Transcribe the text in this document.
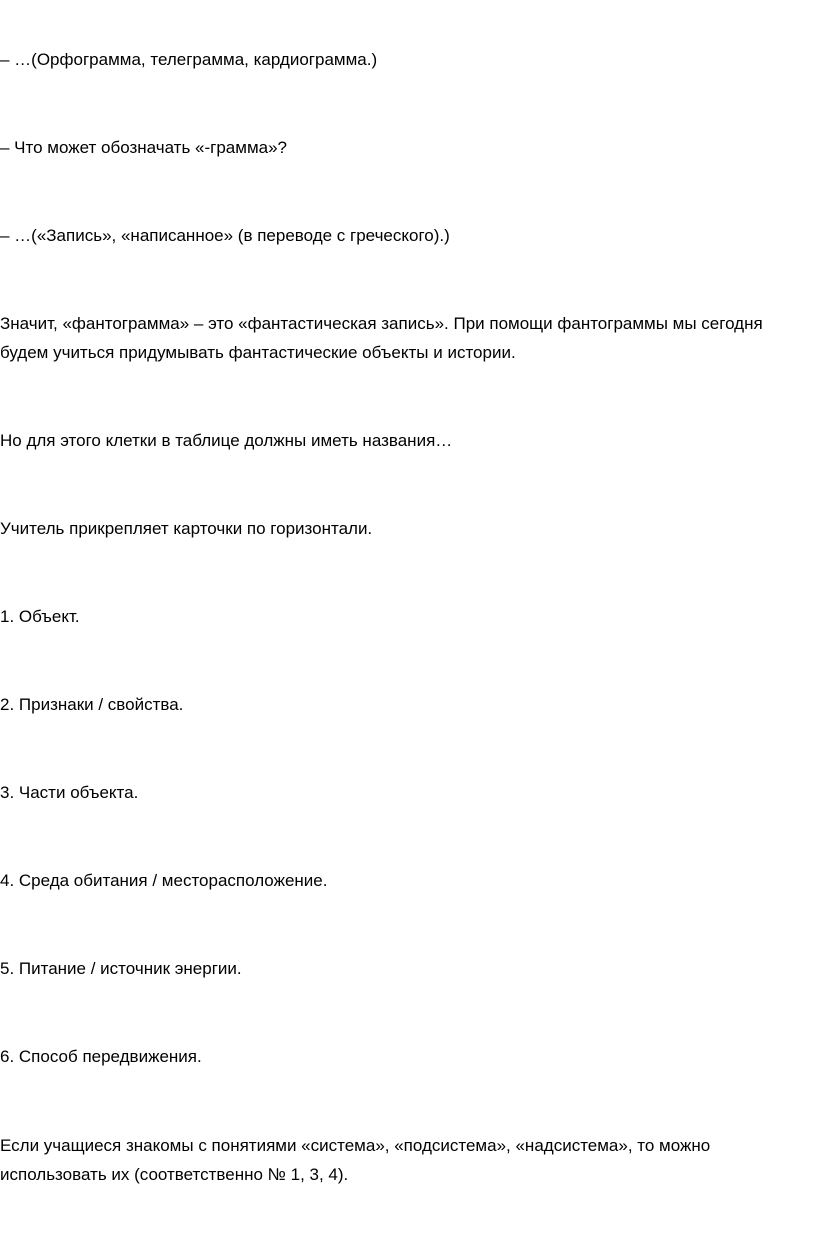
– …(Орфограмма, телеграмма, кардиограмма.)

– Что может обозначать «-грамма»?

– …(«Запись», «написанное» (в переводе с греческого).)

Значит, «фантограмма» – это «фантастическая запись». При помощи фантограммы мы сегодня будем учиться придумывать фантастические объекты и истории.

Но для этого клетки в таблице должны иметь названия…

Учитель прикрепляет карточки по горизонтали.

1. Объект.

2. Признаки / свойства.

3. Части объекта.

4. Среда обитания / месторасположение.

5. Питание / источник энергии.

6. Способ передвижения.

Если учащиеся знакомы с понятиями «система», «подсистема», «надсистема», то можно использовать их (соответственно № 1, 3, 4).
